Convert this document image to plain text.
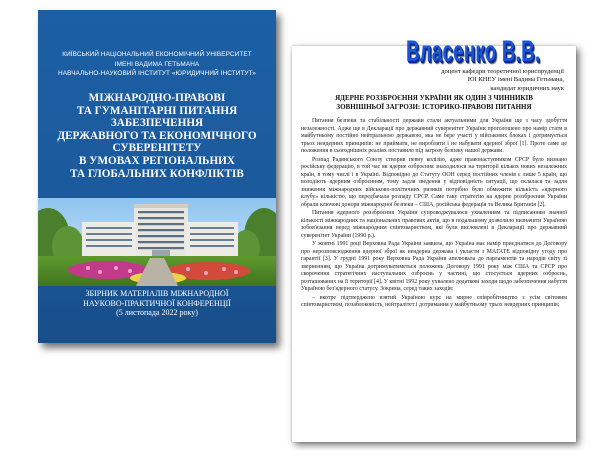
КИЇВСЬКИЙ НАЦІОНАЛЬНИЙ ЕКОНОМІЧНИЙ УНІВЕРСИТЕТ
ІМЕНІ ВАДИМА ГЕТЬМАНА
НАВЧАЛЬНО-НАУКОВИЙ ІНСТИТУТ «ЮРИДИЧНИЙ ІНСТИТУТ»
МІЖНАРОДНО-ПРАВОВІ
ТА ГУМАНІТАРНІ ПИТАННЯ
ЗАБЕЗПЕЧЕННЯ
ДЕРЖАВНОГО ТА ЕКОНОМІЧНОГО
СУВЕРЕНІТЕТУ
В УМОВАХ РЕГІОНАЛЬНИХ
ТА ГЛОБАЛЬНИХ КОНФЛІКТІВ
ЗБІРНИК МАТЕРІАЛІВ МІЖНАРОДНОЇ
НАУКОВО-ПРАКТИЧНОЇ КОНФЕРЕНЦІЇ
(5 листопада 2022 року)
доцент кафедри теоретичної юриспруденції
ЮІ КНЕУ імені Вадима Гетьмана,
кандидат юридичних наук
ЯДЕРНЕ РОЗЗБРОЄННЯ УКРАЇНИ ЯК ОДИН З ЧИННИКІВ
ЗОВНІШНЬОЇ ЗАГРОЗИ: ІСТОРИКО-ПРАВОВІ ПИТАННЯ

Питання безпеки та стабільності держави стали актуальними для України ще з часу здобуття незалежності. Адже ще в Декларації про державний суверенітет України проголошено про намір стати в майбутньому постійно нейтральною державою, яка не бере участі у військових блоках і дотримується трьох неядерних принципів: не приймати, не виробляти і не набувати ядерної зброї [1]. Проте саме це положення в сьогоднішніх реаліях поставило під загрозу безпеку нашої держави.

Розпад Радянського Союзу створив певну колізію, адже правонаступником СРСР було визнано російську федерацію, в той час як ядерне озброєння знаходилося на території кількох нових незалежних країн, в тому числі і в Україні. Відповідно до Статуту ООН серед постійних членів є лише 5 країн, що володіють ядерним озброєнням, тому задля зведення у відповідність ситуації, що склалася та задля зниження міжнародних військово-політичних ризиків потрібно було обмежити кількість «ядерного клубу» кількістю, що передбачала розпаду СРСР. Саме таку стратегію на ядерне роззброєння України обрали ключові донори міжнародної безпеки – США, російська федерація та Велика Британія [2].

Питання ядерного роззброєння України супроводжувалося ухваленням та підписанням значної кількості міжнародних та національних правових актів, що в подальшому дозволило визначити Україною зобов'язання перед міжнародним співтовариством, які були висловлені в Декларації про державний суверенітет України (1990 р.).

У жовтні 1991 році Верховна Рада України заявила, що Україна має намір приєднатися до Договору про нерозповсюдження ядерної зброї як неядерна держава і укласти з МАГАТЕ відповідну угоду про гарантії [3]. У грудні 1991 року Верховна Рада України апелювала до парламентів та народів світу зі зверненням, що Україна дотримуватиметься положень Договору 1991 року між США та СРСР про скорочення стратегічних наступальних озброєнь у частині, що стосується ядерних озброєнь, розташованих на її території [4]. У квітні 1992 року ухвалено додаткові заходи щодо забезпечення набуття Україною без'ядерного статусу. Зокрема, серед таких заходів:

– вкотре підтверджено взятий Україною курс на мирне співробітництво з усім світовим співтовариством, позаблоковість, нейтралітет і дотримання у майбутньому трьох неядерних принципів;

Власенко В.В.
